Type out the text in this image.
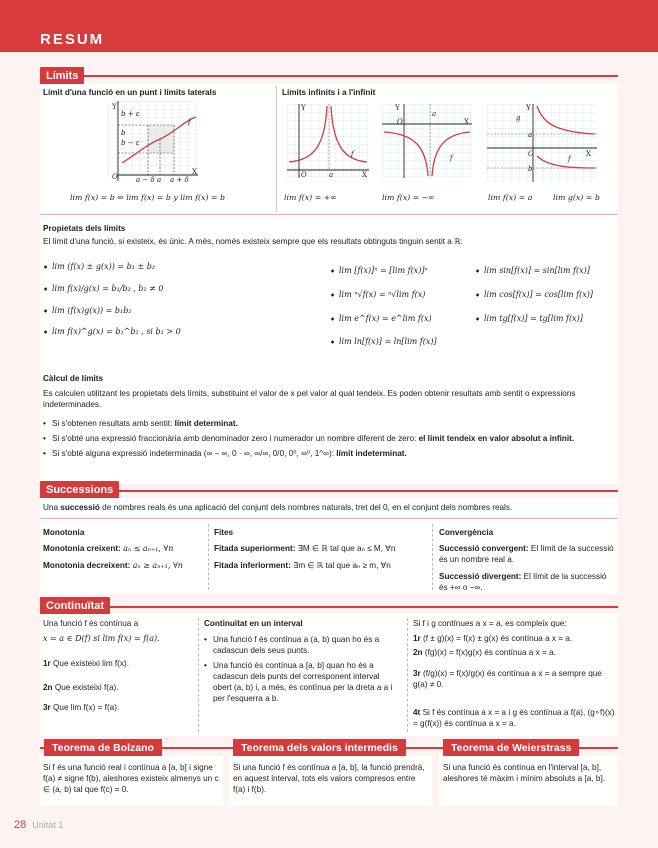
RESUM
Límits
Límit d'una funció en un punt i límits laterals	Límits infinits i a l'infinit
Y
b + ε
b
b − ε
O	a − δ a a + δ
X
f
lim f(x) = b ⇔ lim f(x) = b y lim f(x) = b
Y
O	a	X
f
lim f(x) = +∞
Y
O
a
X
f
lim f(x) = −∞
Y
g
a
O	X
f
b
lim f(x) = a	lim g(x) = b
Propietats dels límits
El límit d'una funció, si existeix, és únic. A més, només existeix sempre que els resultats obtinguts tinguin sentit a ℝ:
• lim (f(x) ± g(x)) = b₁ ± b₂
• lim f(x)/g(x) = b₁/b₂ , b₂ ≠ 0
• lim (f(x)g(x)) = b₁b₂
• lim f(x)^g(x) = b₁^b₂ , si b₁ > 0
• lim [f(x)]ⁿ = [lim f(x)]ⁿ
• lim ⁿ√f(x) = ⁿ√lim f(x)
• lim e^f(x) = e^lim f(x)
• lim ln[f(x)] = ln[lim f(x)]
• lim sin[f(x)] = sin[lim f(x)]
• lim cos[f(x)] = cos[lim f(x)]
• lim tg[f(x)] = tg[lim f(x)]
Càlcul de límits
Es calculen utilitzant les propietats dels límits, substituint el valor de x pel valor al qual tendeix. Es poden obtenir resultats amb sentit o expressions indeterminades.
• Si s'obtenen resultats amb sentit: límit determinat.
• Si s'obté una expressió fraccionària amb denominador zero i numerador un nombre diferent de zero: el límit tendeix en valor absolut a infinit.
• Si s'obté alguna expressió indeterminada (∞ − ∞, 0 · ∞, ∞/∞, 0/0, 0⁰, ∞⁰, 1^∞): límit indeterminat.
Successions
Una successió de nombres reals és una aplicació del conjunt dels nombres naturals, tret del 0, en el conjunt dels nombres reals.
Monotonia
Monotonia creixent: aₙ ≤ aₙ₊₁, ∀n
Monotonia decreixent: aₙ ≥ aₙ₊₁, ∀n
Fites
Fitada superiorment: ∃M ∈ ℝ tal que aₙ ≤ M, ∀n
Fitada inferiorment: ∃m ∈ ℝ tal que aₙ ≥ m, ∀n
Convergència
Successió convergent: El límit de la successió és un nombre real a.
Successió divergent: El límit de la successió és +∞ o −∞.
Continuïtat
Una funció f és contínua a
x = a ∈ D(f) si lim f(x) = f(a).
1r Que existeixi lim f(x).
2n Que existeixi f(a).
3r Que lim f(x) = f(a).
Continuïtat en un interval
• Una funció f és contínua a (a, b) quan ho és a cadascun dels seus punts.
• Una funció és contínua a [a, b] quan ho és a cadascun dels punts del corresponent interval obert (a, b) i, a més, és contínua per la dreta a a i per l'esquerra a b.
Si f i g contínues a x = a, es compleix que:
1r (f ± g)(x) = f(x) ± g(x) és contínua a x = a.
2n (fg)(x) = f(x)g(x) és contínua a x = a.
3r (f/g)(x) = f(x)/g(x) és contínua a x = a sempre que g(a) ≠ 0.
4t Si f és contínua a x = a i g és contínua a f(a), (g∘f)(x) = g(f(x)) és contínua a x = a.
Teorema de Bolzano
Si f és una funció real i contínua a [a, b] i signe f(a) ≠ signe f(b), aleshores existeix almenys un c ∈ (a, b) tal que f(c) = 0.
Teorema dels valors intermedis
Si una funció f és contínua a [a, b], la funció prendrà, en aquest interval, tots els valors compresos entre f(a) i f(b).
Teorema de Weierstrass
Si una funció és contínua en l'interval [a, b], aleshores té màxim i mínim absoluts a [a, b].
28 Unitat 1
